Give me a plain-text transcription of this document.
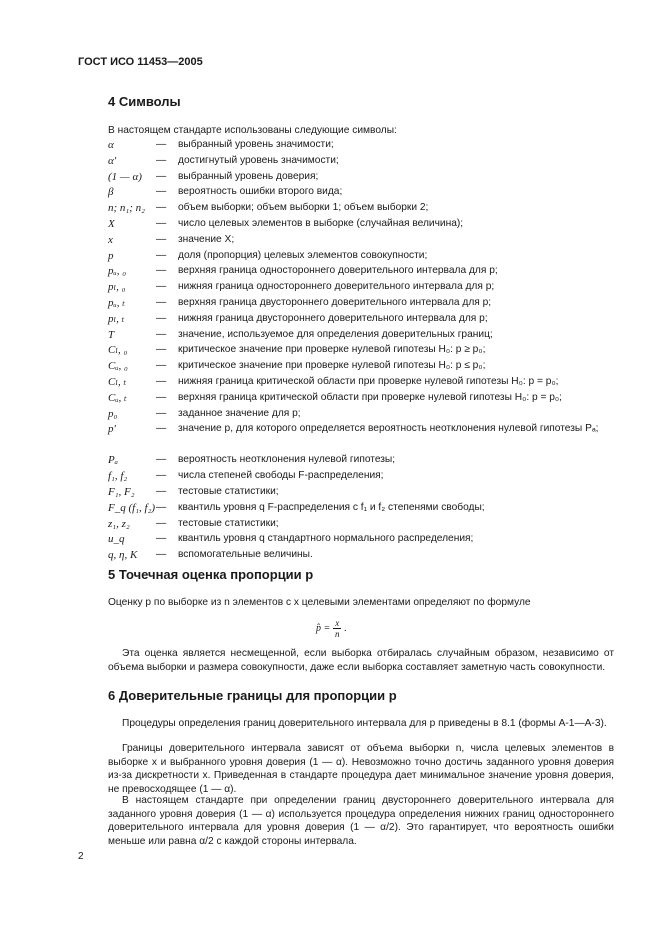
ГОСТ ИСО 11453—2005
4 Символы
В настоящем стандарте использованы следующие символы:
α	—	выбранный уровень значимости;
α′	—	достигнутый уровень значимости;
(1 — α)	—	выбранный уровень доверия;
β	—	вероятность ошибки второго вида;
n; n₁; n₂	—	объем выборки; объем выборки 1; объем выборки 2;
X	—	число целевых элементов в выборке (случайная величина);
x	—	значение X;
p	—	доля (пропорция) целевых элементов совокупности;
pᵤ, ₀	—	верхняя граница одностороннего доверительного интервала для p;
pₗ, ₀	—	нижняя граница одностороннего доверительного интервала для p;
pᵤ, ₜ	—	верхняя граница двустороннего доверительного интервала для p;
pₗ, ₜ	—	нижняя граница двустороннего доверительного интервала для p;
T	—	значение, используемое для определения доверительных границ;
Cₗ, ₀	—	критическое значение при проверке нулевой гипотезы H₀: p ≥ p₀;
Cᵤ, ₀	—	критическое значение при проверке нулевой гипотезы H₀: p ≤ p₀;
Cₗ, ₜ	—	нижняя граница критической области при проверке нулевой гипотезы H₀: p = p₀;
Cᵤ, ₜ	—	верхняя граница критической области при проверке нулевой гипотезы H₀: p = p₀;
p₀	—	заданное значение для p;
p′	—	значение p, для которого определяется вероятность неотклонения нулевой гипотезы Pₐ;
Pₐ	—	вероятность неотклонения нулевой гипотезы;
f₁, f₂	—	числа степеней свободы F-распределения;
F₁, F₂	—	тестовые статистики;
F_q (f₁, f₂) —	квантиль уровня q F-распределения с f₁ и f₂ степенями свободы;
z₁, z₂	—	тестовые статистики;
u_q	—	квантиль уровня q стандартного нормального распределения;
q, η, K	—	вспомогательные величины.
5 Точечная оценка пропорции p
Оценку p по выборке из n элементов с x целевыми элементами определяют по формуле
p̂ = $\frac{x}{n}$ .
Эта оценка является несмещенной, если выборка отбиралась случайным образом, независимо от объема выборки и размера совокупности, даже если выборка составляет заметную часть совокупности.
6 Доверительные границы для пропорции p
Процедуры определения границ доверительного интервала для p приведены в 8.1 (формы А-1—А-3).
Границы доверительного интервала зависят от объема выборки n, числа целевых элементов в выборке x и выбранного уровня доверия (1 — α). Невозможно точно достичь заданного уровня доверия из-за дискретности x. Приведенная в стандарте процедура дает минимальное значение уровня доверия, не превосходящее (1 — α).
В настоящем стандарте при определении границ двустороннего доверительного интервала для заданного уровня доверия (1 — α) используется процедура определения нижних границ одностороннего доверительного интервала для уровня доверия (1 — α/2). Это гарантирует, что вероятность ошибки меньше или равна α/2 с каждой стороны интервала.
2
